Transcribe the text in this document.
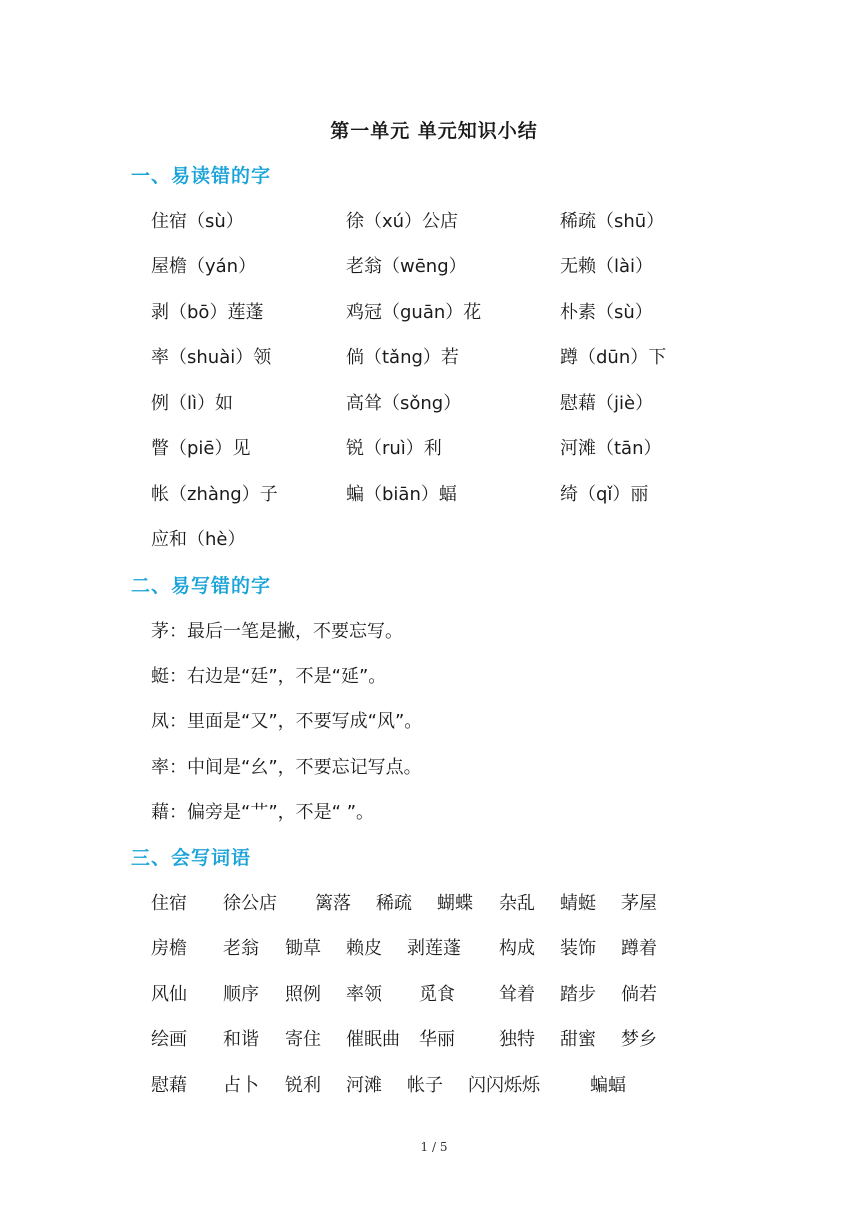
第一单元 单元知识小结
一、易读错的字
住宿（sù）	徐（xú）公店	稀疏（shū）
屋檐（yán）	老翁（wēng）	无赖（lài）
剥（bō）莲蓬	鸡冠（guān）花	朴素（sù）
率（shuài）领	倘（tǎng）若	蹲（dūn）下
例（lì）如	高耸（sǒng）	慰藉（jiè）
瞥（piē）见	锐（ruì）利	河滩（tān）
帐（zhàng）子	蝙（biān）蝠	绮（qǐ）丽
应和（hè）
二、易写错的字
茅：最后一笔是撇，不要忘写。
蜓：右边是“廷”，不是“延”。
凤：里面是“又”，不要写成“风”。
率：中间是“幺”，不要忘记写点。
藉：偏旁是“艹”，不是“ ”。
三、会写词语
住宿 徐公店 篱落 稀疏 蝴蝶 杂乱 蜻蜓 茅屋
房檐 老翁 锄草 赖皮 剥莲蓬 构成 装饰 蹲着
风仙 顺序 照例 率领 觅食 耸着 踏步 倘若
绘画 和谐 寄住 催眠曲 华丽 独特 甜蜜 梦乡
慰藉 占卜 锐利 河滩 帐子 闪闪烁烁	蝙蝠
1 / 5
